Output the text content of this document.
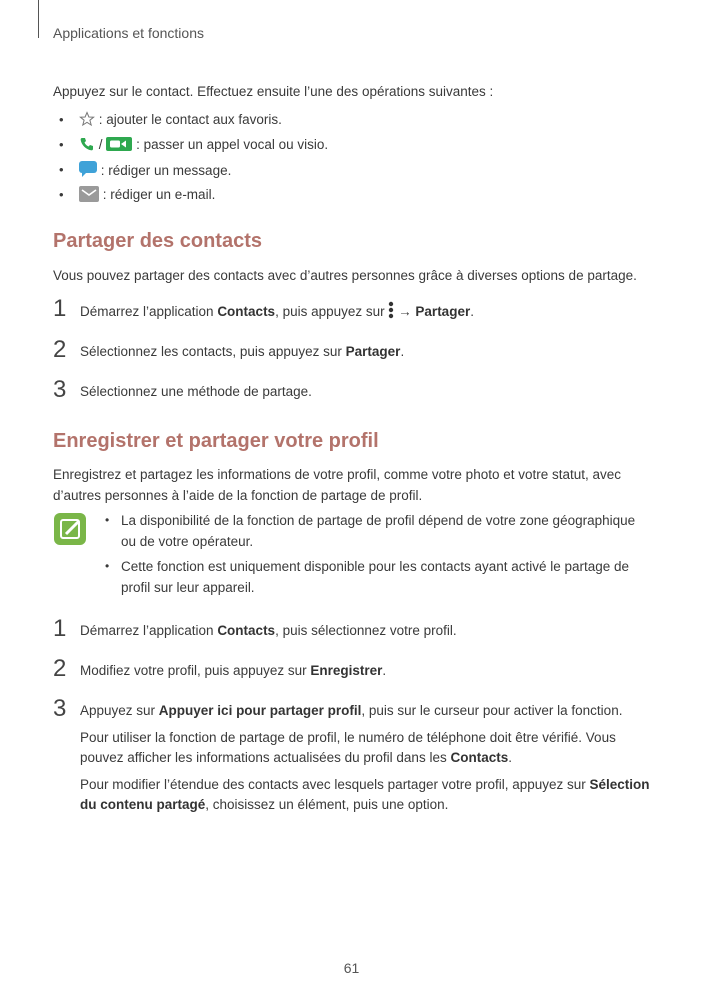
Applications et fonctions
Appuyez sur le contact. Effectuez ensuite l’une des opérations suivantes :
•	: ajouter le contact aux favoris.
•	/ : passer un appel vocal ou visio.
•	: rédiger un message.
•	: rédiger un e-mail.
Partager des contacts
Vous pouvez partager des contacts avec d’autres personnes grâce à diverses options de partage.
1 Démarrez l’application Contacts, puis appuyez sur  → Partager.
2 Sélectionnez les contacts, puis appuyez sur Partager.
3 Sélectionnez une méthode de partage.
Enregistrer et partager votre profil
Enregistrez et partagez les informations de votre profil, comme votre photo et votre statut, avec d’autres personnes à l’aide de la fonction de partage de profil.
• La disponibilité de la fonction de partage de profil dépend de votre zone géographique ou de votre opérateur.
• Cette fonction est uniquement disponible pour les contacts ayant activé le partage de profil sur leur appareil.
1 Démarrez l’application Contacts, puis sélectionnez votre profil.
2 Modifiez votre profil, puis appuyez sur Enregistrer.
3 Appuyez sur Appuyer ici pour partager profil, puis sur le curseur pour activer la fonction.
Pour utiliser la fonction de partage de profil, le numéro de téléphone doit être vérifié. Vous pouvez afficher les informations actualisées du profil dans les Contacts.
Pour modifier l’étendue des contacts avec lesquels partager votre profil, appuyez sur Sélection du contenu partagé, choisissez un élément, puis une option.
61
